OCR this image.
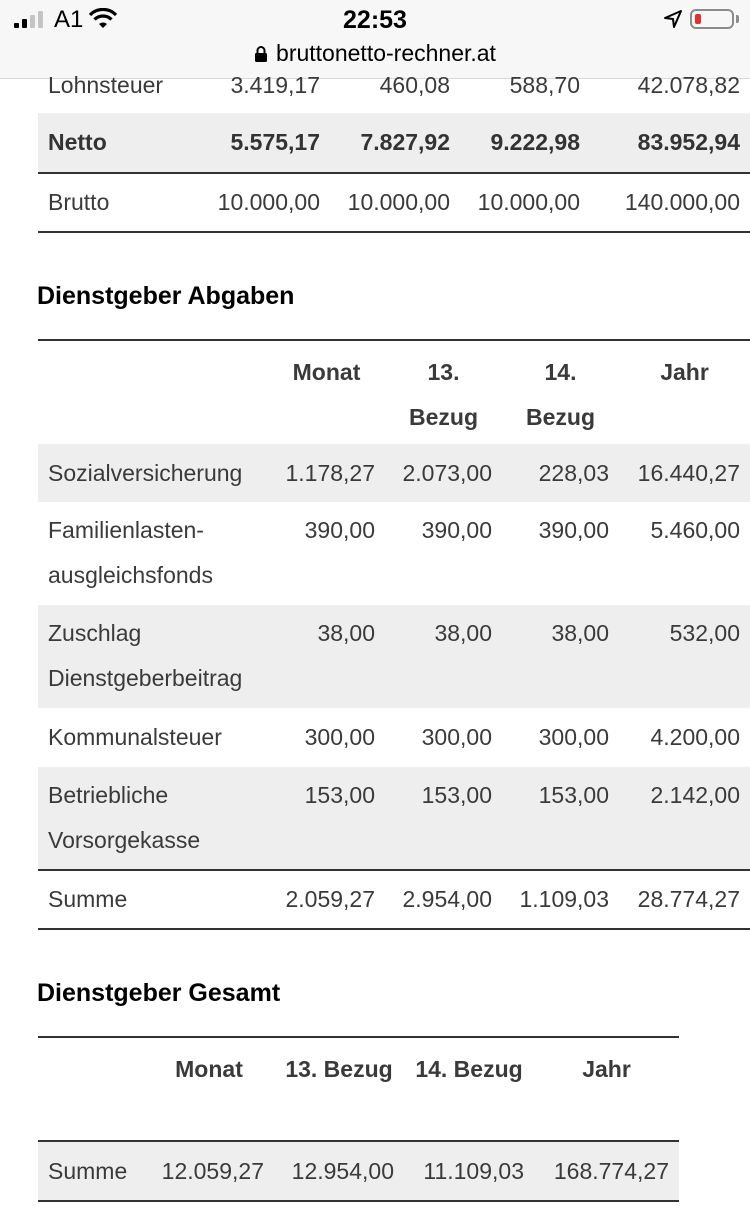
A1	22:53
bruttonetto-rechner.at
Lohnsteuer	3.419,17	460,08	588,70	42.078,82
Netto	5.575,17	7.827,92	9.222,98	83.952,94
Brutto	10.000,00	10.000,00	10.000,00	140.000,00
Dienstgeber Abgaben
	Monat	13. Bezug	14. Bezug	Jahr
Sozialversicherung	1.178,27	2.073,00	228,03	16.440,27
Familienlasten-ausgleichsfonds	390,00	390,00	390,00	5.460,00
Zuschlag Dienstgeberbeitrag	38,00	38,00	38,00	532,00
Kommunalsteuer	300,00	300,00	300,00	4.200,00
Betriebliche Vorsorgekasse	153,00	153,00	153,00	2.142,00
Summe	2.059,27	2.954,00	1.109,03	28.774,27
Dienstgeber Gesamt
	Monat	13. Bezug	14. Bezug	Jahr
Summe	12.059,27	12.954,00	11.109,03	168.774,27
